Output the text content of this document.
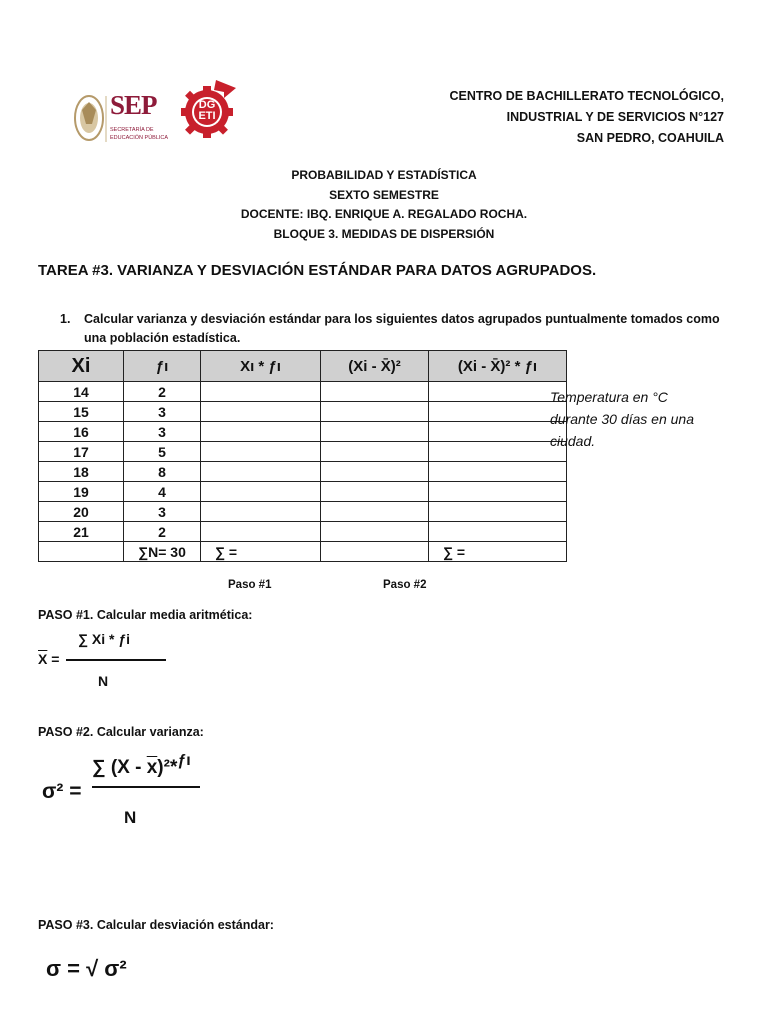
SEP
SECRETARÍA DE
EDUCACIÓN PÚBLICA
DG
ETI
CENTRO DE BACHILLERATO TECNOLÓGICO,
INDUSTRIAL Y DE SERVICIOS N°127
SAN PEDRO, COAHUILA
PROBABILIDAD Y ESTADÍSTICA
SEXTO SEMESTRE
DOCENTE: IBQ. ENRIQUE A. REGALADO ROCHA.
BLOQUE 3. MEDIDAS DE DISPERSIÓN
TAREA #3. VARIANZA Y DESVIACIÓN ESTÁNDAR PARA DATOS AGRUPADOS.
1. Calcular varianza y desviación estándar para los siguientes datos agrupados puntualmente tomados como una población estadística.
Xi	ƒı	Xı * ƒı	(Xi - X̄)²	(Xi - X̄)² * ƒı
14	2			
15	3			
16	3			
17	5			
18	8			
19	4			
20	3			
21	2			
	∑N= 30	∑ =		∑ =
Temperatura en °C
durante 30 días en una
ciudad.
Paso #1	Paso #2
PASO #1. Calcular media aritmética:
∑ Xi * ƒi
$\overline{X}$ =
N
PASO #2. Calcular varianza:
∑ $(X - \overline{x})^2*^{ƒı}$
σ² =
N
PASO #3. Calcular desviación estándar:
σ = √ σ²
